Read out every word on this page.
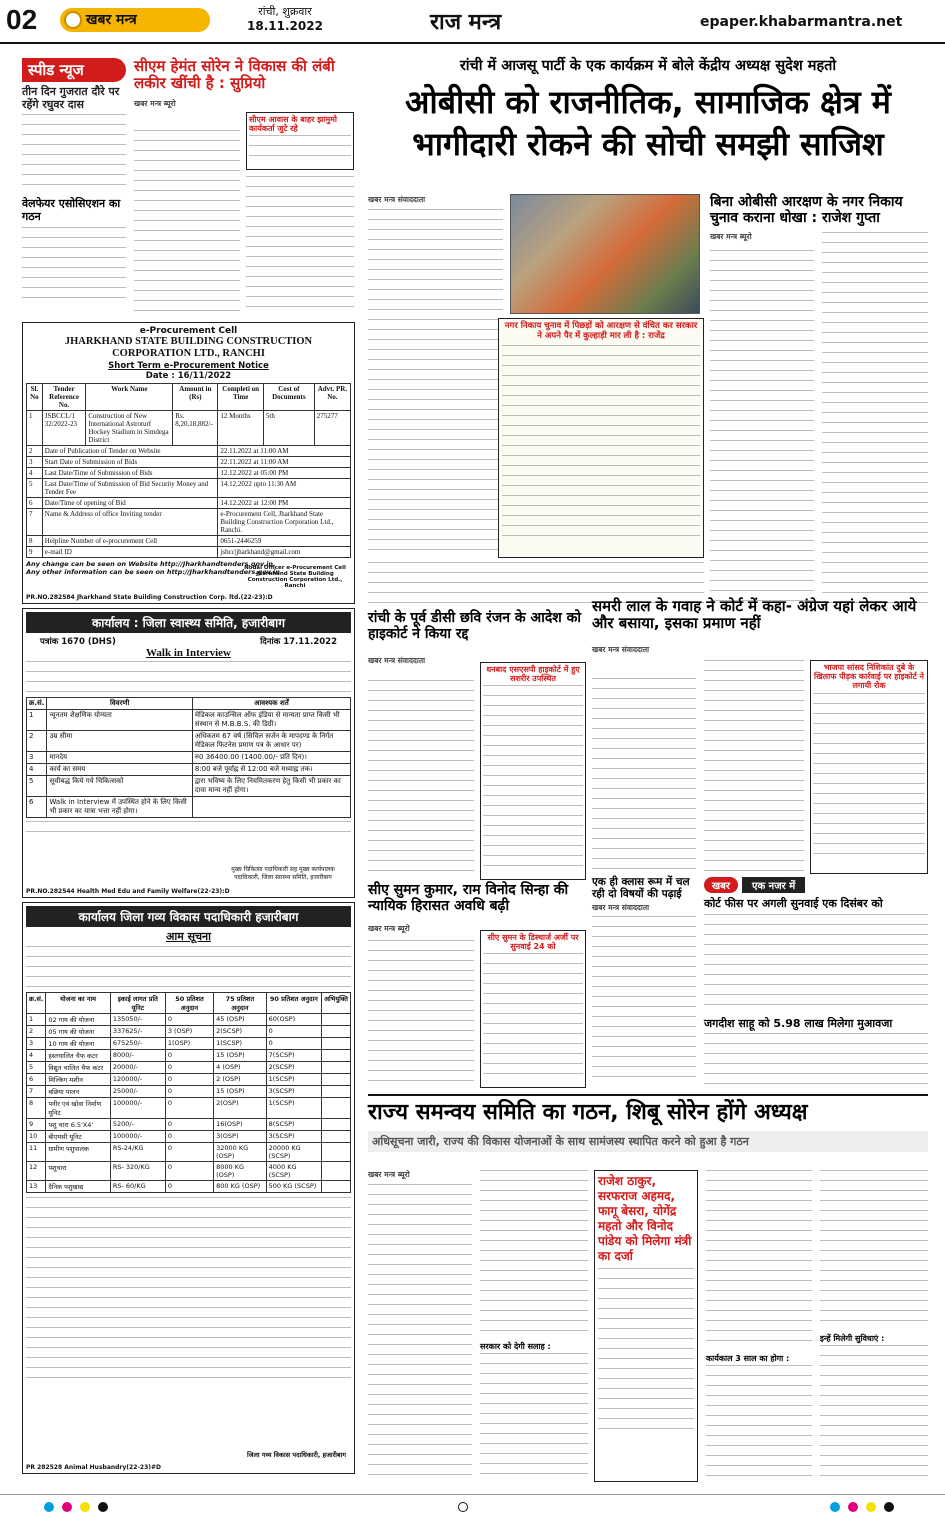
02	खबर मन्त्र
रांची, शुक्रवार
18.11.2022	राज मन्त्र	epaper.khabarmantra.net
स्पीड न्यूज
तीन दिन गुजरात दौरे पर रहेंगे रघुवर दास
वेलफेयर एसोसिएशन का गठन
सीएम हेमंत सोरेन ने विकास की लंबी लकीर खींची है : सुप्रियो
खबर मन्त्र ब्यूरो
सीएम आवास के बाहर झामुमो कार्यकर्ता जुटे रहे
e-Procurement Cell
JHARKHAND STATE BUILDING CONSTRUCTION CORPORATION LTD., RANCHI
Short Term e-Procurement Notice
Date : 16/11/2022
Sl. No	Tender Reference No.	Work Name	Amount in (Rs)	Completi on Time	Cost of Documents	Advt. PR. No.
1	JSBCCL/1 32/2022-23	Construction of New International Astroturf Hockey Stadium in Simdega District	Rs. 8,20,18,882/-	12 Months	5th	275277
2	Date of Publication of Tender on Website			22.11.2022 at 11:00 AM		
3	Start Date of Submission of Bids			22.11.2022 at 11:00 AM		
4	Last Date/Time of Submission of Bids			12.12.2022 at 05:00 PM		
5	Last Date/Time of Submission of Bid Security Money and Tender Fee			14.12.2022 upto 11:30 AM		
6	Date/Time of opening of Bid			14.12.2022 at 12:00 PM		
7	Name & Address of office Inviting tender			e-Procurement Cell, Jharkhand State Building Construction Corporation Ltd., Ranchi.		
8	Helpline Number of e-procurement Cell			0651-2446259		
9	e-mail ID			jsbcc|jharkhand@gmail.com		
Any change can be seen on Website http://Jharkhandtenders.gov.in.
Any other information can be seen on http://Jharkhandtenders.gov.in
Nodal Officer e-Procurement Cell Jharkhand State Building Construction Corporation Ltd., Ranchi
PR.NO.282584 Jharkhand State Building Construction Corp. ltd.(22-23):D
कार्यालय : जिला स्वास्थ्य समिति, हजारीबाग
पत्रांक 1670 (DHS)	दिनांक 17.11.2022
Walk in Interview
क्र.सं.	विवरणी	आवश्यक शर्तें
1	न्यूनतम शैक्षणिक योग्यता	मेडिकल काउन्सिल ऑफ इंडिया से मान्यता प्राप्त किसी भी संस्थान से M.B.B.S. की डिग्री।
2	उम्र सीमा	अधिकतम 67 वर्ष (सिविल सर्जन के मापदण्ड के निर्गत मेडिकल फिटनेस प्रमाण पत्र के आधार पर)
3	मानदेय	रु0 36400.00 (1400.00/- प्रति दिन)।
4	कार्य का समय	8:00 बजे पूर्वाह्न से 12:00 बजे मध्याह्न तक।
5	सूचीबद्ध किये गये चिकित्सकों	द्वारा भविष्य के लिए नियमितकरण हेतु किसी भी प्रकार का दावा मान्य नहीं होगा।
6	Walk in Interview में उपस्थित होने के लिए किसी भी प्रकार का यात्रा भत्ता नहीं होगा।	
मुख्य चिकित्सा पदाधिकारी सह मुख्य कार्यपालक पदाधिकारी, जिला स्वास्थ्य समिति, हजारीबाग
PR.NO.282544 Health Med Edu and Family Welfare(22-23):D
कार्यालय जिला गव्य विकास पदाधिकारी हजारीबाग
आम सूचना
क्र.सं.	योजना का नाम	इकाई लागत प्रति यूनिट	50 प्रतिशत अनुदान	75 प्रतिशत अनुदान	90 प्रतिशत अनुदान	अभियुक्ति
1	02 गाय की योजना	135050/-	0	45 (OSP)	60(OSP)	
2	05 गाय की योजना	337625/-	3 (OSP)	2(SCSP)	0	
3	10 गाय की योजना	675250/-	1(OSP)	1(SCSP)	0	
4	हस्तचालित चैफ कटर	8000/-	0	15 (OSP)	7(SCSP)	
5	विद्युत चालित चैफ कटर	20000/-	0	4 (OSP)	2(SCSP)	
6	मिल्किंग मशीन	120000/-	0	2 (OSP)	1(SCSP)	
7	बछिया पालन	25000/-	0	15 (OSP)	3(SCSP)	
8	पनीर एवं खोवा निर्माण यूनिट	100000/-	0	2(OSP)	1(SCSP)	
9	पशु चारा 6.5'X4'	5200/-	0	16(OSP)	8(SCSP)	
10	बीएमसी यूनिट	100000/-	0	3(OSP)	3(SCSP)	
11	ग्रामीण पशुपालक	RS-24/KG	0	32000 KG (OSP)	20000 KG (SCSP)	
12	पशुचारा	RS- 320/KG	0	8000 KG (OSP)	4000 KG (SCSP)	
13	दैनिक पशुखाद्य	RS- 60/KG	0	800 KG (OSP)	500 KG (SCSP)	
जिला गव्य विकास पदाधिकारी, हजारीबाग
PR 282528 Animal Husbandry(22-23)#D
रांची में आजसू पार्टी के एक कार्यक्रम में बोले केंद्रीय अध्यक्ष सुदेश महतो
ओबीसी को राजनीतिक, सामाजिक क्षेत्र में भागीदारी रोकने की सोची समझी साजिश
खबर मन्त्र संवाददाता
नगर निकाय चुनाव में पिछड़ों को आरक्षण से वंचित कर सरकार ने अपने पैर में कुल्हाड़ी मार ली है : राजेंद्र
बिना ओबीसी आरक्षण के नगर निकाय चुनाव कराना धोखा : राजेश गुप्ता
खबर मन्त्र ब्यूरो
रांची के पूर्व डीसी छवि रंजन के आदेश को हाइकोर्ट ने किया रद्द
खबर मन्त्र संवाददाता
धनबाद एसएसपी हाइकोर्ट में हुए सशरीर उपस्थित
समरी लाल के गवाह ने कोर्ट में कहा- अंग्रेज यहां लेकर आये और बसाया, इसका प्रमाण नहीं
खबर मन्त्र संवाददाता
भाजपा सांसद निशिकांत दुबे के खिलाफ पीड़क कार्रवाई पर हाइकोर्ट ने लगायी रोक
सीए सुमन कुमार, राम विनोद सिन्हा की न्यायिक हिरासत अवधि बढ़ी
खबर मन्त्र ब्यूरो
सीए सुमन के डिस्चार्ज अर्जी पर सुनवाई 24 को
एक ही क्लास रूम में चल रही दो विषयों की पढ़ाई
खबर मन्त्र संवाददाता
खबर	एक नजर में
कोर्ट फीस पर अगली सुनवाई एक दिसंबर को
जगदीश साहू को 5.98 लाख मिलेगा मुआवजा
राज्य समन्वय समिति का गठन, शिबू सोरेन होंगे अध्यक्ष
अधिसूचना जारी, राज्य की विकास योजनाओं के साथ सामंजस्य स्थापित करने को हुआ है गठन
खबर मन्त्र ब्यूरो
सरकार को देगी सलाह :
राजेश ठाकुर, सरफराज अहमद, फागू बेसरा, योगेंद्र महतो और विनोद पांडेय को मिलेगा मंत्री का दर्जा
कार्यकाल 3 साल का होगा :
इन्हें मिलेगी सुविधाएं :
